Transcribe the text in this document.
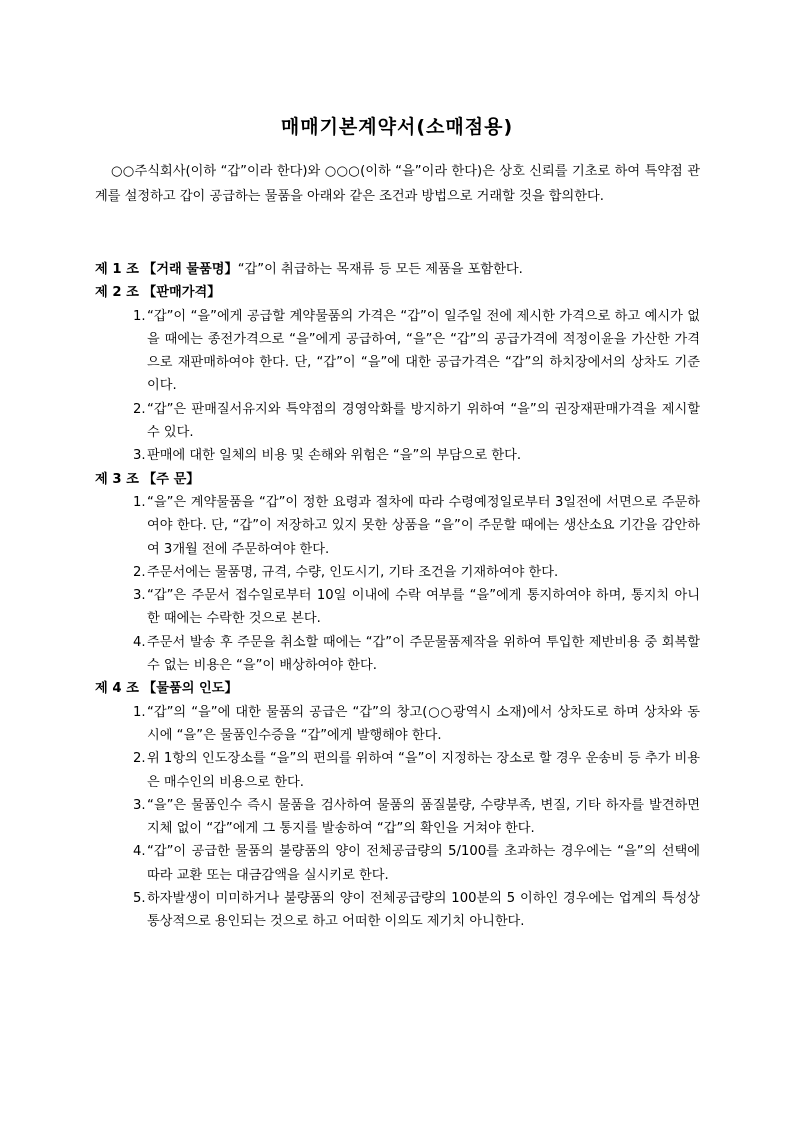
매매기본계약서(소매점용)

○○주식회사(이하 “갑”이라 한다)와 ○○○(이하 “을”이라 한다)은 상호 신뢰를 기초로 하여 특약점 관계를 설정하고 갑이 공급하는 물품을 아래와 같은 조건과 방법으로 거래할 것을 합의한다.

제 1 조 【거래 물품명】“갑”이 취급하는 목재류 등 모든 제품을 포함한다.
제 2 조 【판매가격】
1. “갑”이 “을”에게 공급할 계약물품의 가격은 “갑”이 일주일 전에 제시한 가격으로 하고 예시가 없을 때에는 종전가격으로 “을”에게 공급하여, “을”은 “갑”의 공급가격에 적정이윤을 가산한 가격으로 재판매하여야 한다. 단, “갑”이 “을”에 대한 공급가격은 “갑”의 하치장에서의 상차도 기준이다.
2. “갑”은 판매질서유지와 특약점의 경영악화를 방지하기 위하여 “을”의 권장재판매가격을 제시할 수 있다.
3. 판매에 대한 일체의 비용 및 손해와 위험은 “을”의 부담으로 한다.
제 3 조 【주 문】
1. “을”은 계약물품을 “갑”이 정한 요령과 절차에 따라 수령예정일로부터 3일전에 서면으로 주문하여야 한다. 단, “갑”이 저장하고 있지 못한 상품을 “을”이 주문할 때에는 생산소요 기간을 감안하여 3개월 전에 주문하여야 한다.
2. 주문서에는 물품명, 규격, 수량, 인도시기, 기타 조건을 기재하여야 한다.
3. “갑”은 주문서 접수일로부터 10일 이내에 수락 여부를 “을”에게 통지하여야 하며, 통지치 아니한 때에는 수락한 것으로 본다.
4. 주문서 발송 후 주문을 취소할 때에는 “갑”이 주문물품제작을 위하여 투입한 제반비용 중 회복할 수 없는 비용은 “을”이 배상하여야 한다.
제 4 조 【물품의 인도】
1. “갑”의 “을”에 대한 물품의 공급은 “갑”의 창고(○○광역시 소재)에서 상차도로 하며 상차와 동시에 “을”은 물품인수증을 “갑”에게 발행해야 한다.
2. 위 1항의 인도장소를 “을”의 편의를 위하여 “을”이 지정하는 장소로 할 경우 운송비 등 추가 비용은 매수인의 비용으로 한다.
3. “을”은 물품인수 즉시 물품을 검사하여 물품의 품질불량, 수량부족, 변질, 기타 하자를 발견하면 지체 없이 “갑”에게 그 통지를 발송하여 “갑”의 확인을 거쳐야 한다.
4. “갑”이 공급한 물품의 불량품의 양이 전체공급량의 5/100를 초과하는 경우에는 “을”의 선택에 따라 교환 또는 대금감액을 실시키로 한다.
5. 하자발생이 미미하거나 불량품의 양이 전체공급량의 100분의 5 이하인 경우에는 업계의 특성상 통상적으로 용인되는 것으로 하고 어떠한 이의도 제기치 아니한다.
